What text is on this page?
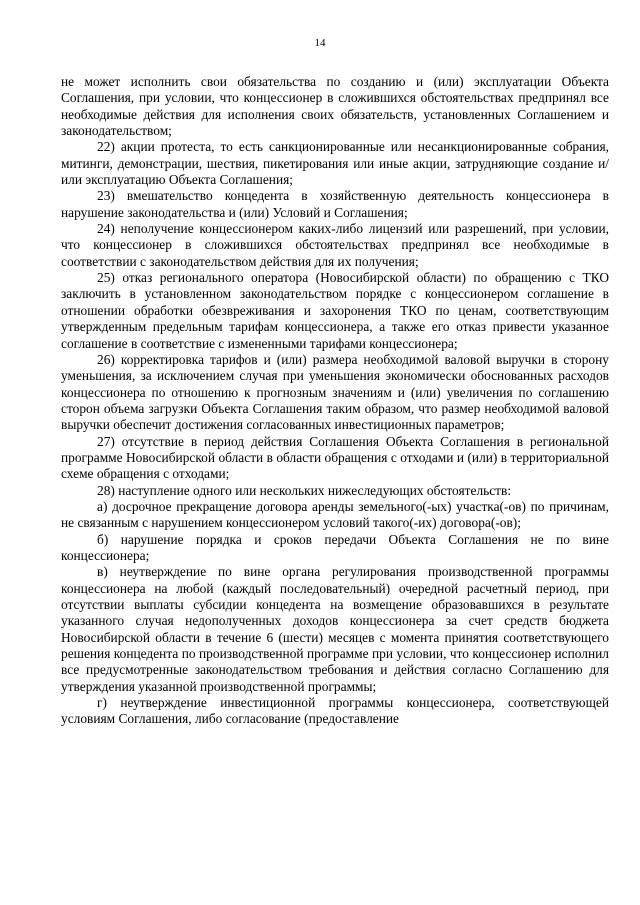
14

не может исполнить свои обязательства по созданию и (или) эксплуатации Объекта Соглашения, при условии, что концессионер в сложившихся обстоятельствах предпринял все необходимые действия для исполнения своих обязательств, установленных Соглашением и законодательством;

22) акции протеста, то есть санкционированные или несанкционированные собрания, митинги, демонстрации, шествия, пикетирования или иные акции, затрудняющие создание и/или эксплуатацию Объекта Соглашения;

23) вмешательство концедента в хозяйственную деятельность концессионера в нарушение законодательства и (или) Условий и Соглашения;

24) неполучение концессионером каких-либо лицензий или разрешений, при условии, что концессионер в сложившихся обстоятельствах предпринял все необходимые в соответствии с законодательством действия для их получения;

25) отказ регионального оператора (Новосибирской области) по обращению с ТКО заключить в установленном законодательством порядке с концессионером соглашение в отношении обработки обезвреживания и захоронения ТКО по ценам, соответствующим утвержденным предельным тарифам концессионера, а также его отказ привести указанное соглашение в соответствие с измененными тарифами концессионера;

26) корректировка тарифов и (или) размера необходимой валовой выручки в сторону уменьшения, за исключением случая при уменьшения экономически обоснованных расходов концессионера по отношению к прогнозным значениям и (или) увеличения по соглашению сторон объема загрузки Объекта Соглашения таким образом, что размер необходимой валовой выручки обеспечит достижения согласованных инвестиционных параметров;

27) отсутствие в период действия Соглашения Объекта Соглашения в региональной программе Новосибирской области в области обращения с отходами и (или) в территориальной схеме обращения с отходами;

28) наступление одного или нескольких нижеследующих обстоятельств:

а) досрочное прекращение договора аренды земельного(-ых) участка(-ов) по причинам, не связанным с нарушением концессионером условий такого(-их) договора(-ов);

б) нарушение порядка и сроков передачи Объекта Соглашения не по вине концессионера;

в) неутверждение по вине органа регулирования производственной программы концессионера на любой (каждый последовательный) очередной расчетный период, при отсутствии выплаты субсидии концедента на возмещение образовавшихся в результате указанного случая недополученных доходов концессионера за счет средств бюджета Новосибирской области в течение 6 (шести) месяцев с момента принятия соответствующего решения концедента по производственной программе при условии, что концессионер исполнил все предусмотренные законодательством требования и действия согласно Соглашению для утверждения указанной производственной программы;

г) неутверждение инвестиционной программы концессионера, соответствующей условиям Соглашения, либо согласование (предоставление
